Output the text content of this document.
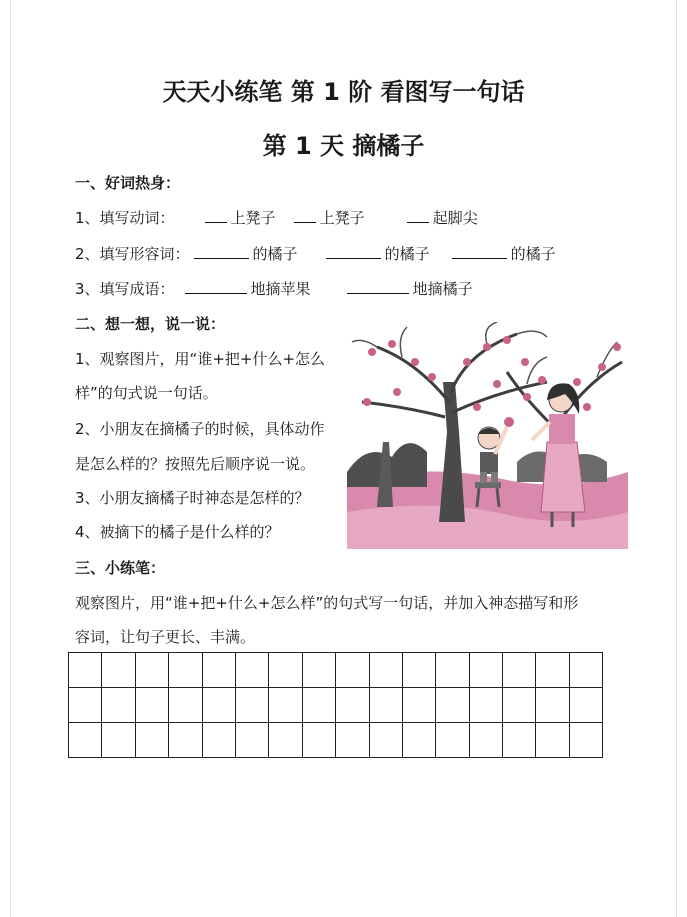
天天小练笔 第 1 阶 看图写一句话
第 1 天 摘橘子
一、好词热身：
1、填写动词：	上凳子	上凳子	起脚尖
2、填写形容词：	的橘子	的橘子	的橘子
3、填写成语：	地摘苹果	地摘橘子
二、想一想，说一说：
1、观察图片，用“谁+把+什么+怎么
样”的句式说一句话。
2、小朋友在摘橘子的时候，具体动作
是怎么样的？按照先后顺序说一说。
3、小朋友摘橘子时神态是怎样的？
4、被摘下的橘子是什么样的？
三、小练笔：
观察图片，用“谁+把+什么+怎么样”的句式写一句话，并加入神态描写和形
容词，让句子更长、丰满。
